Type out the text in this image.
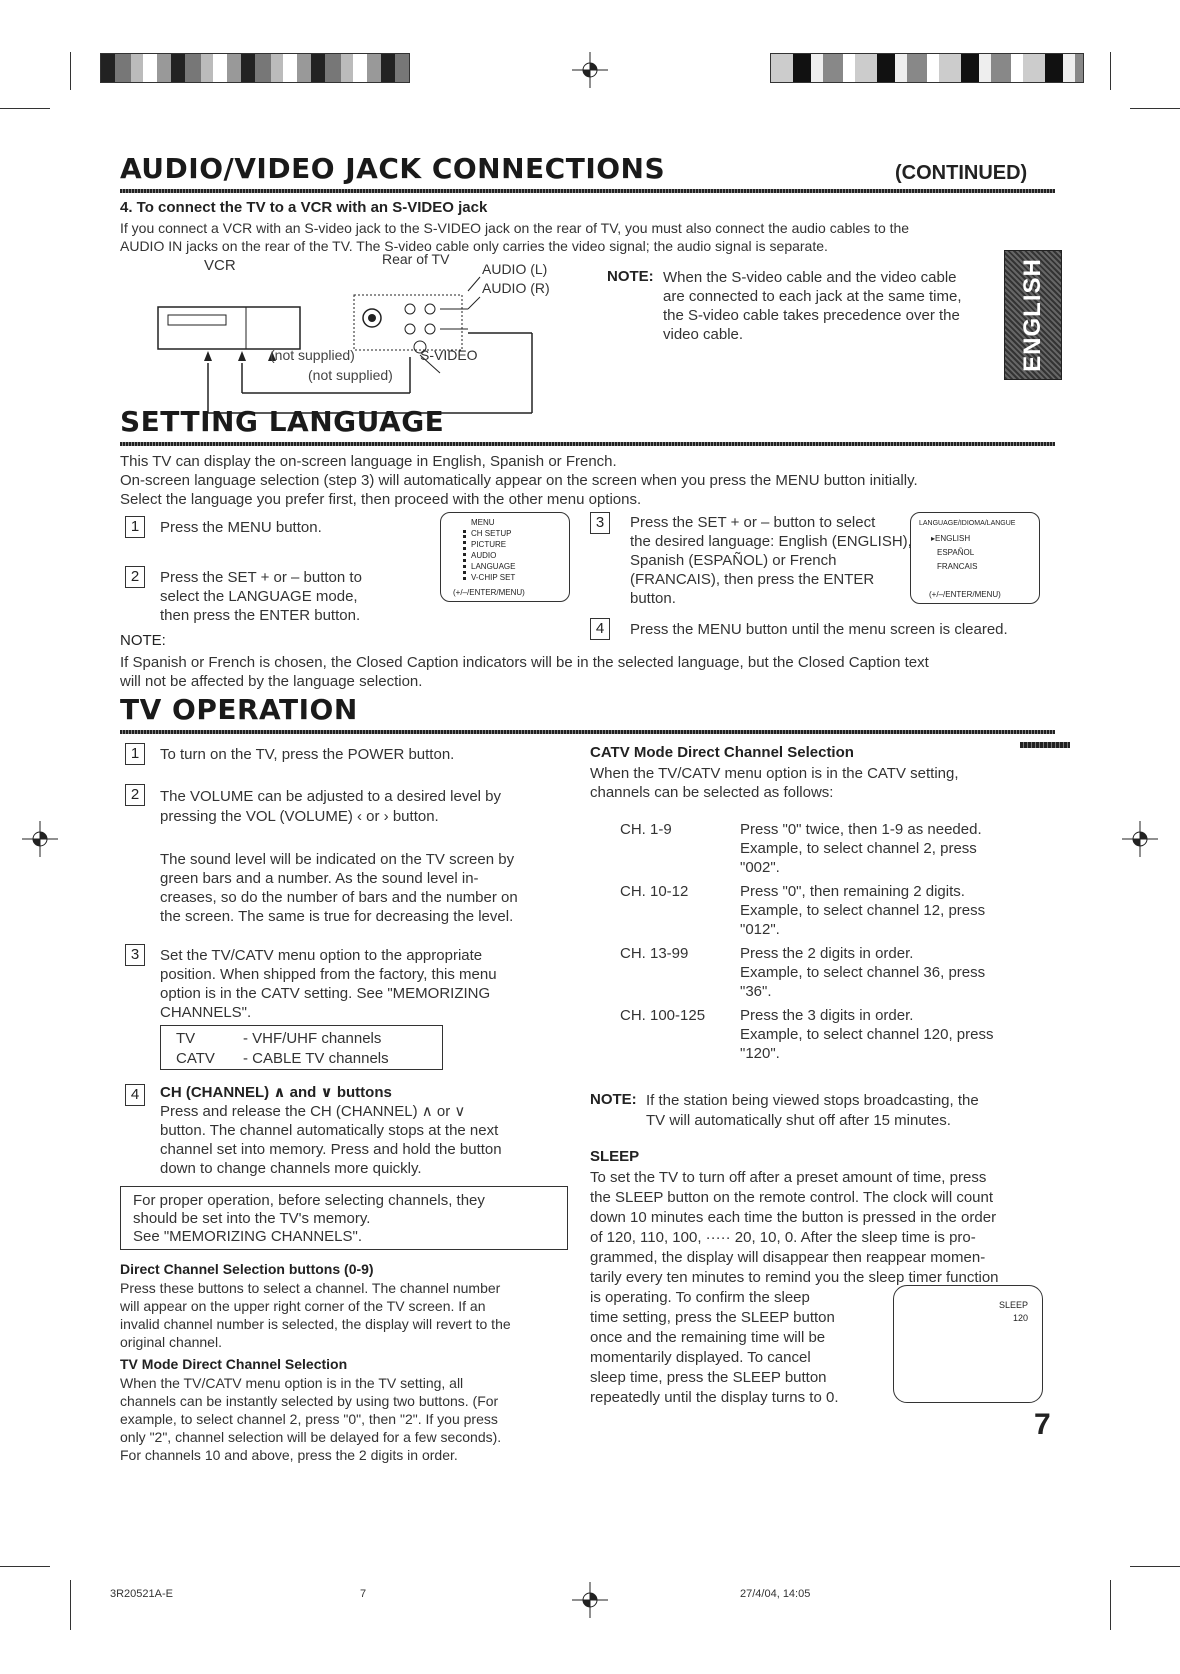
AUDIO/VIDEO JACK CONNECTIONS	(CONTINUED)
4. To connect the TV to a VCR with an S-VIDEO jack
If you connect a VCR with an S-video jack to the S-VIDEO jack on the rear of TV, you must also connect the audio cables to the
AUDIO IN jacks on the rear of the TV. The S-video cable only carries the video signal; the audio signal is separate.
VCR	Rear of TV
AUDIO (L)
AUDIO (R)
(not supplied)	S-VIDEO
(not supplied)
NOTE: When the S-video cable and the video cable
are connected to each jack at the same time,
the S-video cable takes precedence over the
video cable.	ENGLISH
SETTING LANGUAGE
This TV can display the on-screen language in English, Spanish or French.
On-screen language selection (step 3) will automatically appear on the screen when you press the MENU button initially.
Select the language you prefer first, then proceed with the other menu options.
1	Press the MENU button.
2	Press the SET + or – button to
select the LANGUAGE mode,
then press the ENTER button.
MENU
CH SETUP
PICTURE
AUDIO
LANGUAGE
V-CHIP SET
(+/–/ENTER/MENU)
3	Press the SET + or – button to select
the desired language: English (ENGLISH),
Spanish (ESPAÑOL) or French
(FRANCAIS), then press the ENTER
button.
LANGUAGE/IDIOMA/LANGUE
▸ENGLISH
ESPAÑOL
FRANCAIS
(+/–/ENTER/MENU)
4	Press the MENU button until the menu screen is cleared.
NOTE:
If Spanish or French is chosen, the Closed Caption indicators will be in the selected language, but the Closed Caption text
will not be affected by the language selection.
TV OPERATION
1	To turn on the TV, press the POWER button.
2	The VOLUME can be adjusted to a desired level by
pressing the VOL (VOLUME) ‹ or › button.
The sound level will be indicated on the TV screen by
green bars and a number. As the sound level in-
creases, so do the number of bars and the number on
the screen. The same is true for decreasing the level.
3	Set the TV/CATV menu option to the appropriate
position. When shipped from the factory, this menu
option is in the CATV setting. See "MEMORIZING
CHANNELS".
TV	- VHF/UHF channels
CATV - CABLE TV channels
4	CH (CHANNEL) ∧ and ∨ buttons
Press and release the CH (CHANNEL) ∧ or ∨
button. The channel automatically stops at the next
channel set into memory. Press and hold the button
down to change channels more quickly.
For proper operation, before selecting channels, they
should be set into the TV's memory.
See "MEMORIZING CHANNELS".
Direct Channel Selection buttons (0-9)
Press these buttons to select a channel. The channel number
will appear on the upper right corner of the TV screen. If an
invalid channel number is selected, the display will revert to the
original channel.
TV Mode Direct Channel Selection
When the TV/CATV menu option is in the TV setting, all
channels can be instantly selected by using two buttons. (For
example, to select channel 2, press "0", then "2". If you press
only "2", channel selection will be delayed for a few seconds).
For channels 10 and above, press the 2 digits in order.
CATV Mode Direct Channel Selection
When the TV/CATV menu option is in the CATV setting,
channels can be selected as follows:
CH. 1-9	Press "0" twice, then 1-9 as needed.
Example, to select channel 2, press
"002".
CH. 10-12	Press "0", then remaining 2 digits.
Example, to select channel 12, press
"012".
CH. 13-99	Press the 2 digits in order.
Example, to select channel 36, press
"36".
CH. 100-125 Press the 3 digits in order.
Example, to select channel 120, press
"120".
NOTE: If the station being viewed stops broadcasting, the
TV will automatically shut off after 15 minutes.
SLEEP
To set the TV to turn off after a preset amount of time, press
the SLEEP button on the remote control. The clock will count
down 10 minutes each time the button is pressed in the order
of 120, 110, 100, ····· 20, 10, 0. After the sleep time is pro-
grammed, the display will disappear then reappear momen-
tarily every ten minutes to remind you the sleep timer function
is operating. To confirm the sleep
time setting, press the SLEEP button
once and the remaining time will be
momentarily displayed. To cancel
sleep time, press the SLEEP button
repeatedly until the display turns to 0.
SLEEP
120
7
3R20521A-E	7	27/4/04, 14:05
